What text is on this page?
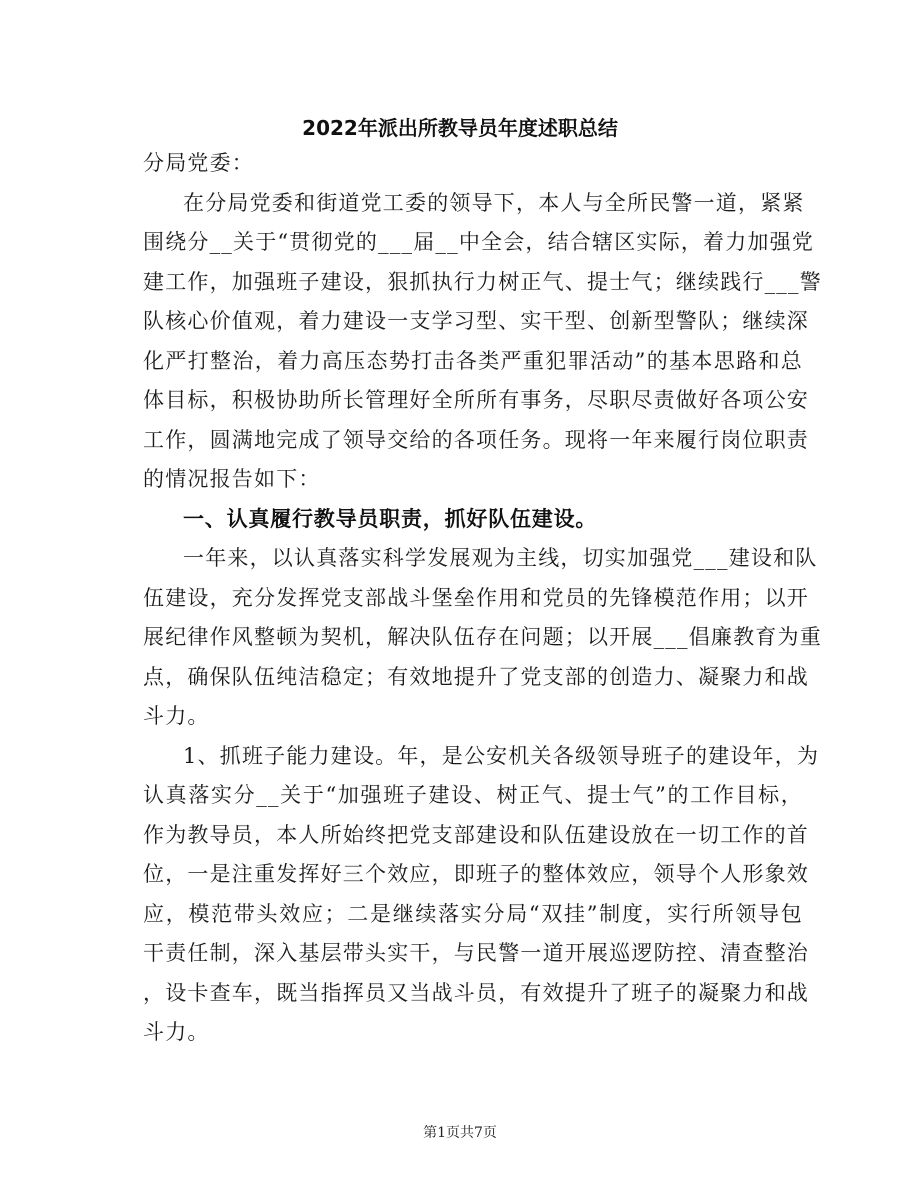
2022年派出所教导员年度述职总结
分局党委：
在分局党委和街道党工委的领导下，本人与全所民警一道，紧紧
围绕分__关于“贯彻党的___届__中全会，结合辖区实际，着力加强党
建工作，加强班子建设，狠抓执行力树正气、提士气；继续践行___警
队核心价值观，着力建设一支学习型、实干型、创新型警队；继续深
化严打整治，着力高压态势打击各类严重犯罪活动”的基本思路和总
体目标，积极协助所长管理好全所所有事务，尽职尽责做好各项公安
工作，圆满地完成了领导交给的各项任务。现将一年来履行岗位职责
的情况报告如下：
一、认真履行教导员职责，抓好队伍建设。
一年来，以认真落实科学发展观为主线，切实加强党___建设和队
伍建设，充分发挥党支部战斗堡垒作用和党员的先锋模范作用；以开
展纪律作风整顿为契机，解决队伍存在问题；以开展___倡廉教育为重
点，确保队伍纯洁稳定；有效地提升了党支部的创造力、凝聚力和战
斗力。
1、抓班子能力建设。年，是公安机关各级领导班子的建设年，为
认真落实分__关于“加强班子建设、树正气、提士气”的工作目标，
作为教导员，本人所始终把党支部建设和队伍建设放在一切工作的首
位，一是注重发挥好三个效应，即班子的整体效应，领导个人形象效
应，模范带头效应；二是继续落实分局“双挂”制度，实行所领导包
干责任制，深入基层带头实干，与民警一道开展巡逻防控、清查整治
，设卡查车，既当指挥员又当战斗员，有效提升了班子的凝聚力和战
斗力。
第1页共7页
